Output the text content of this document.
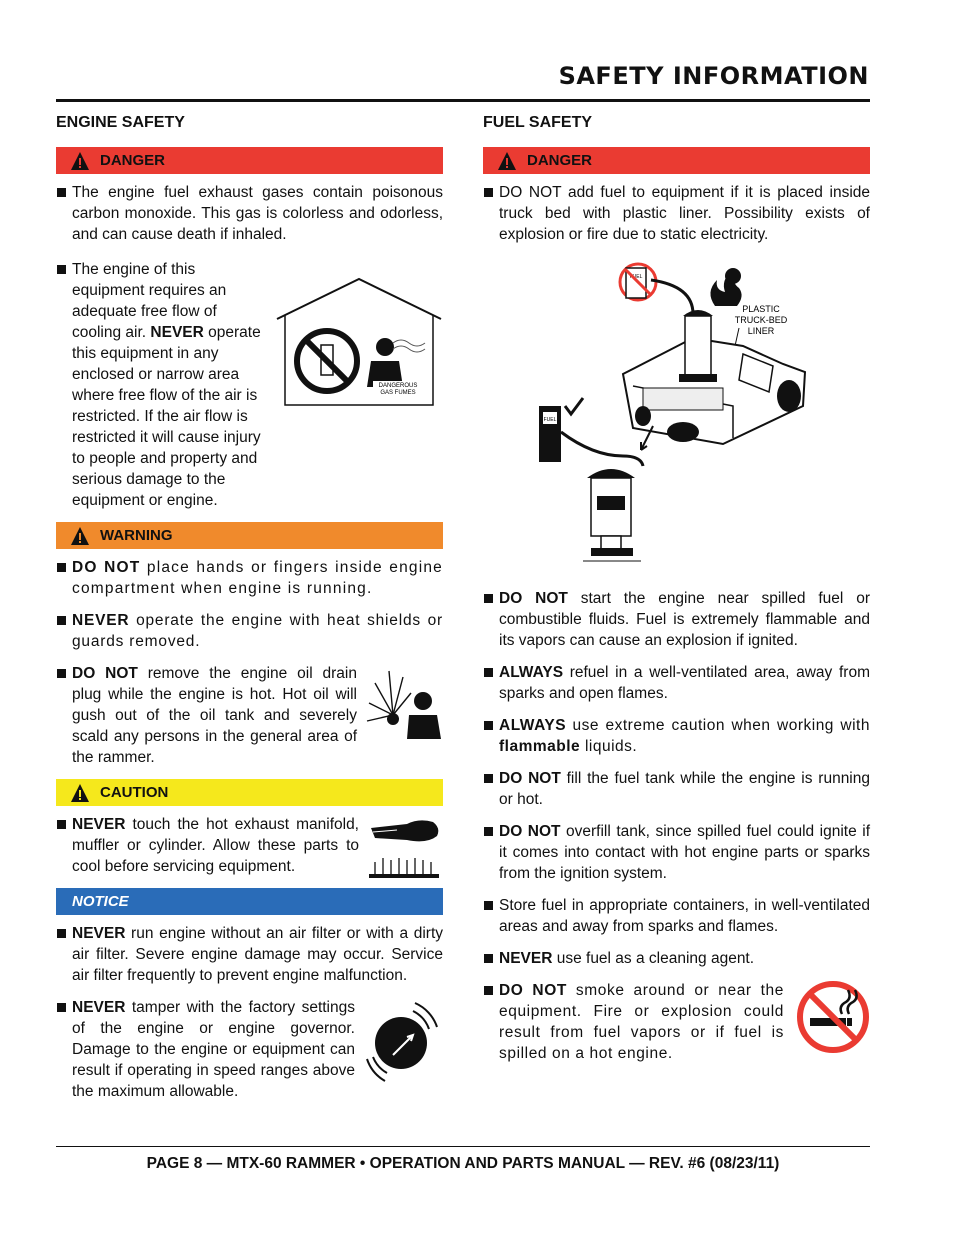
SAFETY INFORMATION
ENGINE SAFETY
DANGER
The engine fuel exhaust gases contain poisonous carbon monoxide. This gas is colorless and odorless, and can cause death if inhaled.
The engine of this equipment requires an adequate free flow of cooling air. NEVER operate this equipment in any enclosed or narrow area where free flow of the air is restricted. If the air flow is restricted it will cause injury to people and property and serious damage to the equipment or engine.
DANGEROUS
GAS FUMES
WARNING
DO NOT place hands or fingers inside engine compartment when engine is running.
NEVER operate the engine with heat shields or guards removed.
DO NOT remove the engine oil drain plug while the engine is hot. Hot oil will gush out of the oil tank and severely scald any persons in the general area of the rammer.
CAUTION
NEVER touch the hot exhaust manifold, muffler or cylinder. Allow these parts to cool before servicing equipment.
NOTICE
NEVER run engine without an air filter or with a dirty air filter. Severe engine damage may occur. Service air filter frequently to prevent engine malfunction.
NEVER tamper with the factory settings of the engine or engine governor. Damage to the engine or equipment can result if operating in speed ranges above the maximum allowable.
FUEL SAFETY
DANGER
DO NOT add fuel to equipment if it is placed inside truck bed with plastic liner. Possibility exists of explosion or fire due to static electricity.
FUEL
PLASTIC
TRUCK-BED
LINER
FUEL
DO NOT start the engine near spilled fuel or combustible fluids. Fuel is extremely flammable and its vapors can cause an explosion if ignited.
ALWAYS refuel in a well-ventilated area, away from sparks and open flames.
ALWAYS use extreme caution when working with flammable liquids.
DO NOT fill the fuel tank while the engine is running or hot.
DO NOT overfill tank, since spilled fuel could ignite if it comes into contact with hot engine parts or sparks from the ignition system.
Store fuel in appropriate containers, in well-ventilated areas and away from sparks and flames.
NEVER use fuel as a cleaning agent.
DO NOT smoke around or near the equipment. Fire or explosion could result from fuel vapors or if fuel is spilled on a hot engine.
PAGE 8 — MTX-60 RAMMER • OPERATION AND PARTS MANUAL — REV. #6 (08/23/11)
